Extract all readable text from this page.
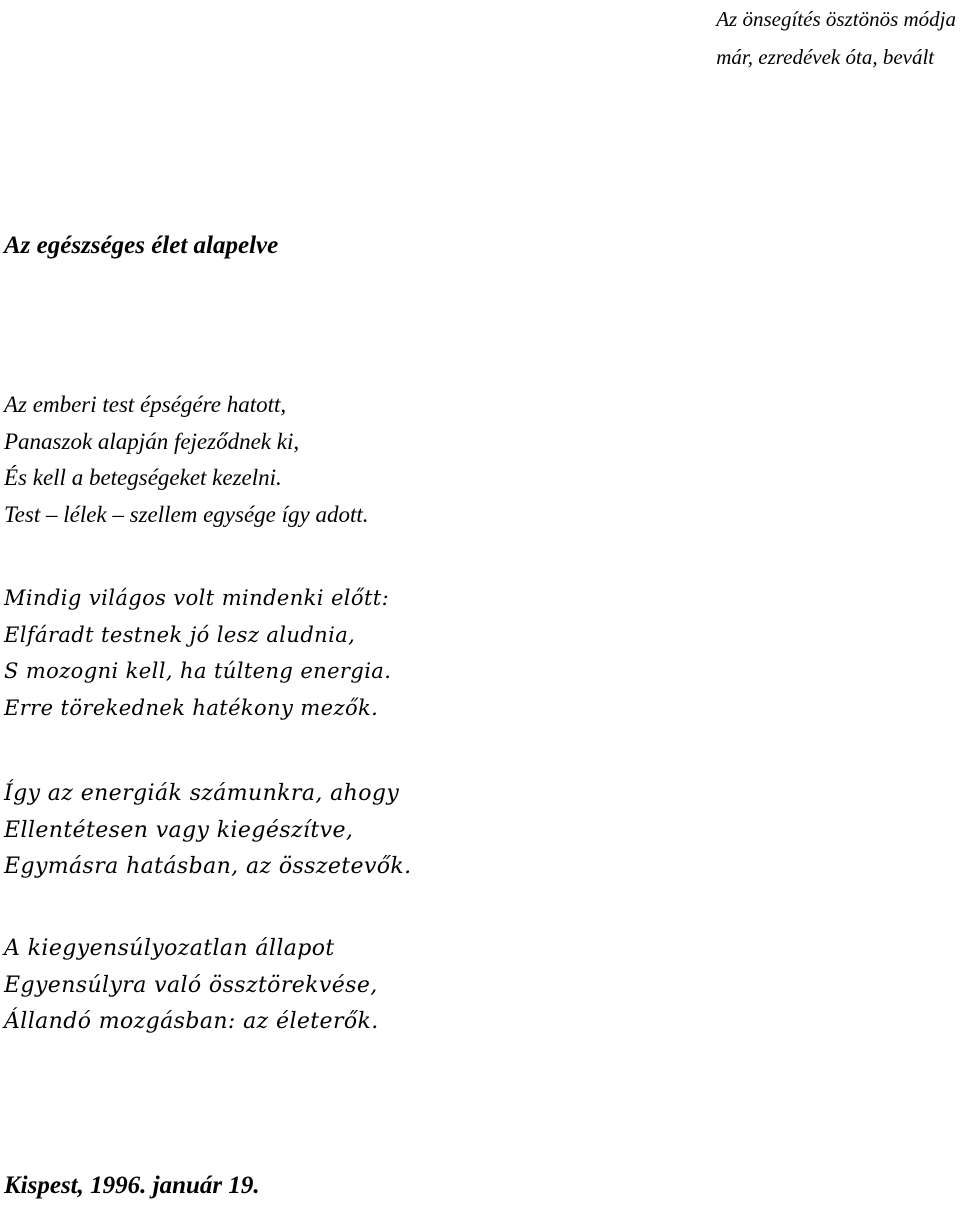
Az önsegítés ösztönös módja
már, ezredévek óta, bevált
Az egészséges élet alapelve
Az emberi test épségére hatott,
Panaszok alapján fejeződnek ki,
És kell a betegségeket kezelni.
Test – lélek – szellem egysége így adott.
Mindig világos volt mindenki előtt:
Elfáradt testnek jó lesz aludnia,
S mozogni kell, ha túlteng energia.
Erre törekednek hatékony mezők.
Így az energiák számunkra, ahogy
Ellentétesen vagy kiegészítve,
Egymásra hatásban, az összetevők.
A kiegyensúlyozatlan állapot
Egyensúlyra való össztörekvése,
Állandó mozgásban: az életerők.
Kispest, 1996. január 19.
